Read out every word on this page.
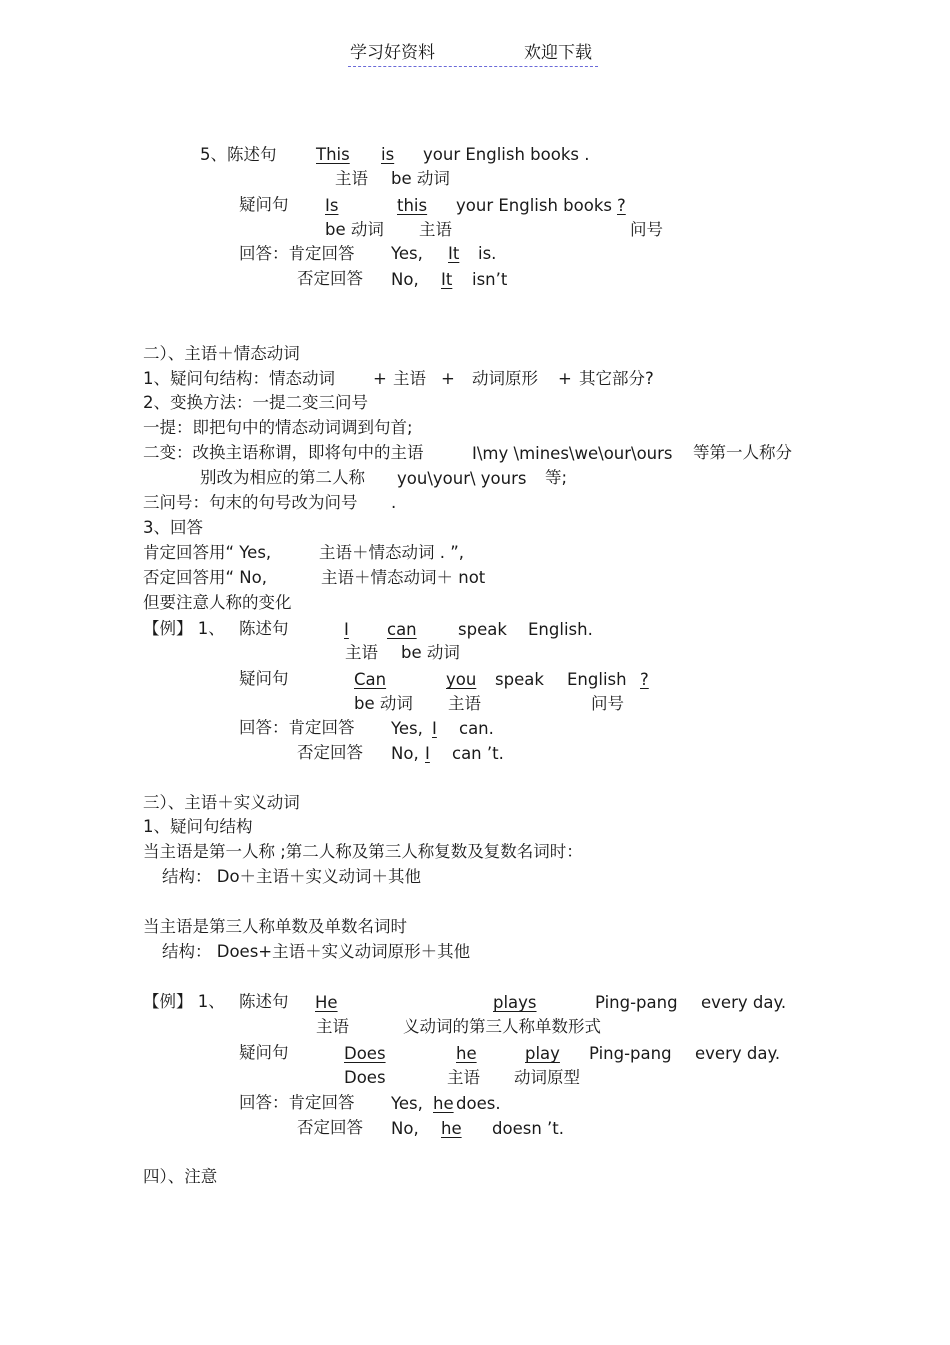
学习好资料	欢迎下载
5、陈述句 This is your English books .
主语 be 动词
疑问句 Is	this your English books ?
be 动词 主语	问号
回答：肯定回答 Yes, It is.
否定回答 No, It isn’t
二）、主语＋情态动词
1、疑问句结构：情态动词 + 主语 + 动词原形 + 其它部分?
2、变换方法：一提二变三问号
一提：即把句中的情态动词调到句首;
二变：改换主语称谓，即将句中的主语	I\my \mines\we\our\ours 等第一人称分
别改为相应的第二人称 you\your\ yours 等;
三问号：句末的句号改为问号 .
3、回答
肯定回答用“ Yes,	主语＋情态动词 . ”,
否定回答用“ No,	主语＋情态动词＋ not
但要注意人称的变化
【例】 1、 陈述句	I can	speak English.
主语 be 动词
疑问句	Can	you speak English ?
be 动词 主语	问号
回答：肯定回答 Yes, I can.
否定回答 No, I can ’t.
三）、主语＋实义动词
1、疑问句结构
当主语是第一人称 ;第二人称及第三人称复数及复数名词时：
结构： Do＋主语＋实义动词＋其他
当主语是第三人称单数及单数名词时
结构： Does+主语＋实义动词原形＋其他
【例】 1、 陈述句 He	plays	Ping-pang every day.
主语	义动词的第三人称单数形式
疑问句	Does	he	play Ping-pang every day.
Does	主语 动词原型
回答：肯定回答 Yes, he does.
否定回答 No, he doesn ’t.
四）、注意
